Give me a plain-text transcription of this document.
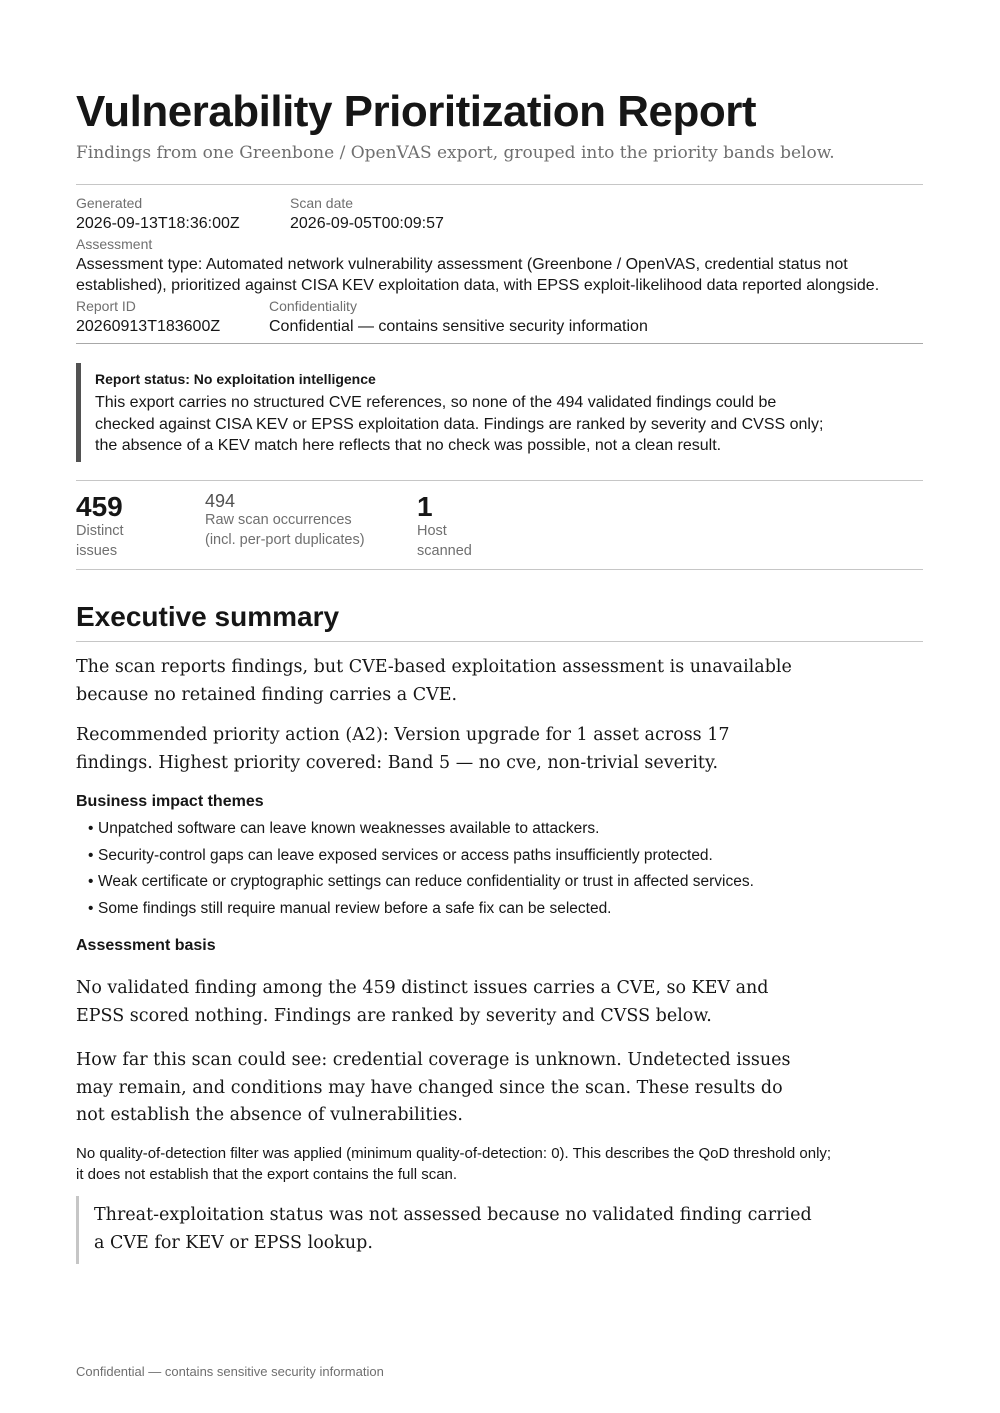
Vulnerability Prioritization Report
Findings from one Greenbone / OpenVAS export, grouped into the priority bands below.
Generated
2026-09-13T18:36:00Z
Scan date
2026-09-05T00:09:57
Assessment
Assessment type: Automated network vulnerability assessment (Greenbone / OpenVAS, credential status not established), prioritized against CISA KEV exploitation data, with EPSS exploit-likelihood data reported alongside.
Report ID
20260913T183600Z
Confidentiality
Confidential — contains sensitive security information
Report status: No exploitation intelligence
This export carries no structured CVE references, so none of the 494 validated findings could be checked against CISA KEV or EPSS exploitation data. Findings are ranked by severity and CVSS only; the absence of a KEV match here reflects that no check was possible, not a clean result.
459
Distinct
issues
494
Raw scan occurrences
(incl. per-port duplicates)
1
Host
scanned
Executive summary
The scan reports findings, but CVE-based exploitation assessment is unavailable because no retained finding carries a CVE.
Recommended priority action (A2): Version upgrade for 1 asset across 17 findings. Highest priority covered: Band 5 — no cve, non-trivial severity.
Business impact themes
• Unpatched software can leave known weaknesses available to attackers.
• Security-control gaps can leave exposed services or access paths insufficiently protected.
• Weak certificate or cryptographic settings can reduce confidentiality or trust in affected services.
• Some findings still require manual review before a safe fix can be selected.
Assessment basis
No validated finding among the 459 distinct issues carries a CVE, so KEV and EPSS scored nothing. Findings are ranked by severity and CVSS below.
How far this scan could see: credential coverage is unknown. Undetected issues may remain, and conditions may have changed since the scan. These results do not establish the absence of vulnerabilities.
No quality-of-detection filter was applied (minimum quality-of-detection: 0). This describes the QoD threshold only; it does not establish that the export contains the full scan.
Threat-exploitation status was not assessed because no validated finding carried a CVE for KEV or EPSS lookup.
Confidential — contains sensitive security information
